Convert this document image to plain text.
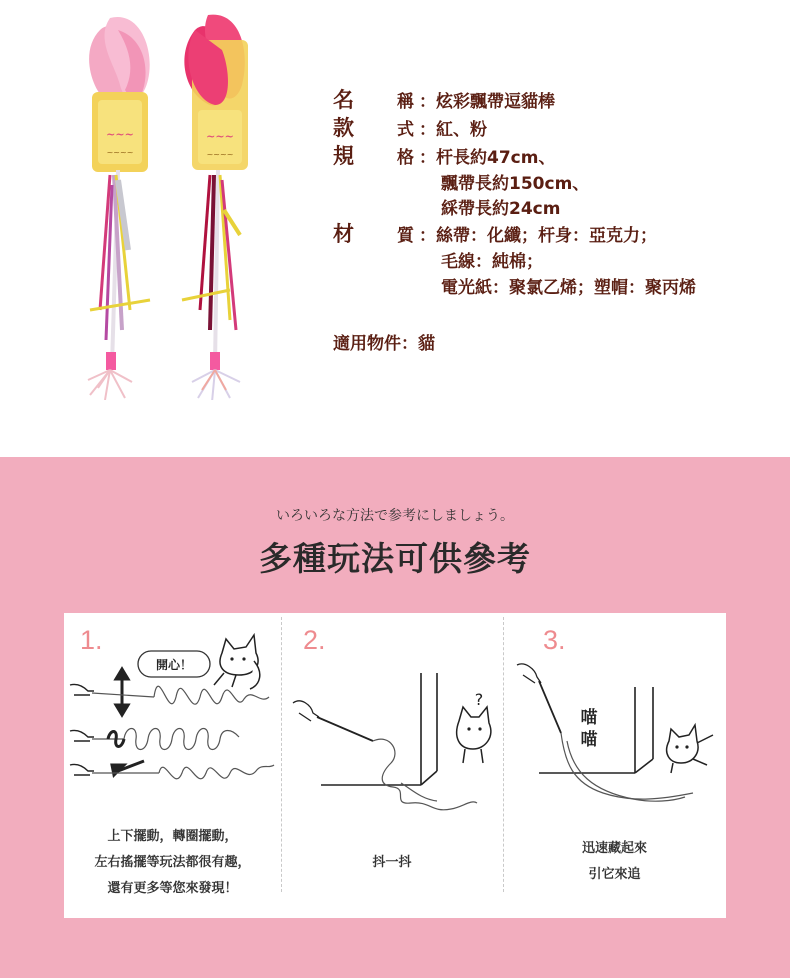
~~~
~~~~
~~~
~~~~
名	稱 ：炫彩飄帶逗貓棒
款	式 ：紅、粉
規	格 ：杆長約47cm、
飄帶長約150cm、
綵帶長約24cm
材	質 ：絲帶：化纖；杆身：亞克力；
毛線：純棉；
電光紙：聚氯乙烯；塑帽：聚丙烯
適用物件：貓
いろいろな方法で参考にしましょう。
多種玩法可供參考
1.
開心！
上下擺動，轉圈擺動，
左右搖擺等玩法都很有趣，
還有更多等您來發現！
2.
?
抖一抖
3.
喵
喵
迅速藏起來
引它來追
